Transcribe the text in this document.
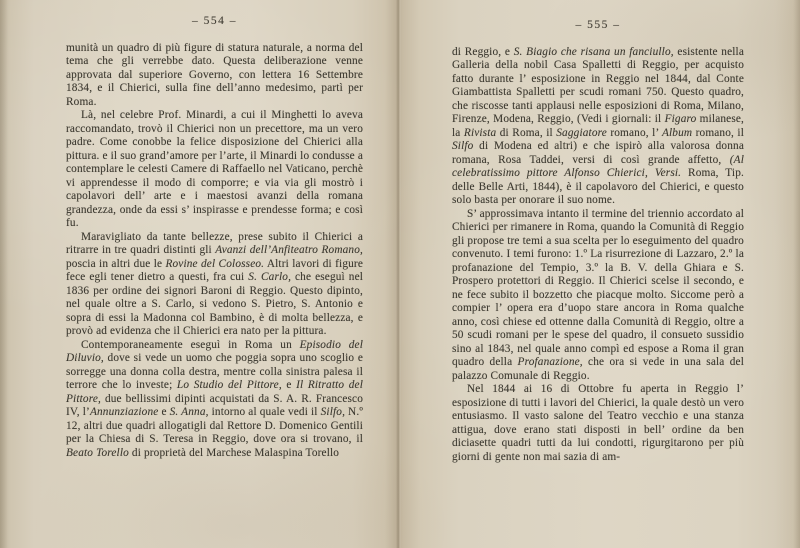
– 554 –

munità un quadro di più figure di statura naturale, a norma del tema che gli verrebbe dato. Questa deliberazione venne approvata dal superiore Governo, con lettera 16 Settembre 1834, e il Chierici, sulla fine dell’anno medesimo, partì per Roma.

Là, nel celebre Prof. Minardi, a cui il Minghetti lo aveva raccomandato, trovò il Chierici non un precettore, ma un vero padre. Come conobbe la felice disposizione del Chierici alla pittura. e il suo grand’amore per l’arte, il Minardi lo condusse a contemplare le celesti Camere di Raffaello nel Vaticano, perchè vi apprendesse il modo di comporre; e via via gli mostrò i capolavori dell’ arte e i maestosi avanzi della romana grandezza, onde da essi s’ inspirasse e prendesse forma; e così fu.

Maravigliato da tante bellezze, prese subito il Chierici a ritrarre in tre quadri distinti gli Avanzi dell’Anfiteatro Romano, poscia in altri due le Rovine del Colosseo. Altri lavori di figure fece egli tener dietro a questi, fra cui S. Carlo, che eseguì nel 1836 per ordine dei signori Baroni di Reggio. Questo dipinto, nel quale oltre a S. Carlo, si vedono S. Pietro, S. Antonio e sopra di essi la Madonna col Bambino, è di molta bellezza, e provò ad evidenza che il Chierici era nato per la pittura.

Contemporaneamente eseguì in Roma un Episodio del Diluvio, dove si vede un uomo che poggia sopra uno scoglio e sorregge una donna colla destra, mentre colla sinistra palesa il terrore che lo investe; Lo Studio del Pittore, e Il Ritratto del Pittore, due bellissimi dipinti acquistati da S. A. R. Francesco IV, l’Annunziazione e S. Anna, intorno al quale vedi il Silfo, N.º 12, altri due quadri allogatigli dal Rettore D. Domenico Gentili per la Chiesa di S. Teresa in Reggio, dove ora si trovano, il Beato Torello di proprietà del Marchese Malaspina Torello

– 555 –

di Reggio, e S. Biagio che risana un fanciullo, esistente nella Galleria della nobil Casa Spalletti di Reggio, per acquisto fatto durante l’ esposizione in Reggio nel 1844, dal Conte Giambattista Spalletti per scudi romani 750. Questo quadro, che riscosse tanti applausi nelle esposizioni di Roma, Milano, Firenze, Modena, Reggio, (Vedi i giornali: il Figaro milanese, la Rivista di Roma, il Saggiatore romano, l’ Album romano, il Silfo di Modena ed altri) e che ispirò alla valorosa donna romana, Rosa Taddei, versi di così grande affetto, (Al celebratissimo pittore Alfonso Chierici, Versi. Roma, Tip. delle Belle Arti, 1844), è il capolavoro del Chierici, e questo solo basta per onorare il suo nome.

S’ approssimava intanto il termine del triennio accordato al Chierici per rimanere in Roma, quando la Comunità di Reggio gli propose tre temi a sua scelta per lo eseguimento del quadro convenuto. I temi furono: 1.º La risurrezione di Lazzaro, 2.º la profanazione del Tempio, 3.º la B. V. della Ghiara e S. Prospero protettori di Reggio. Il Chierici scelse il secondo, e ne fece subito il bozzetto che piacque molto. Siccome però a compier l’ opera era d’uopo stare ancora in Roma qualche anno, così chiese ed ottenne dalla Comunità di Reggio, oltre a 50 scudi romani per le spese del quadro, il consueto sussidio sino al 1843, nel quale anno compì ed espose a Roma il gran quadro della Profanazione, che ora si vede in una sala del palazzo Comunale di Reggio.

Nel 1844 ai 16 di Ottobre fu aperta in Reggio l’ esposizione di tutti i lavori del Chierici, la quale destò un vero entusiasmo. Il vasto salone del Teatro vecchio e una stanza attigua, dove erano stati disposti in bell’ ordine da ben diciasette quadri tutti da lui condotti, rigurgitarono per più giorni di gente non mai sazia di am-
